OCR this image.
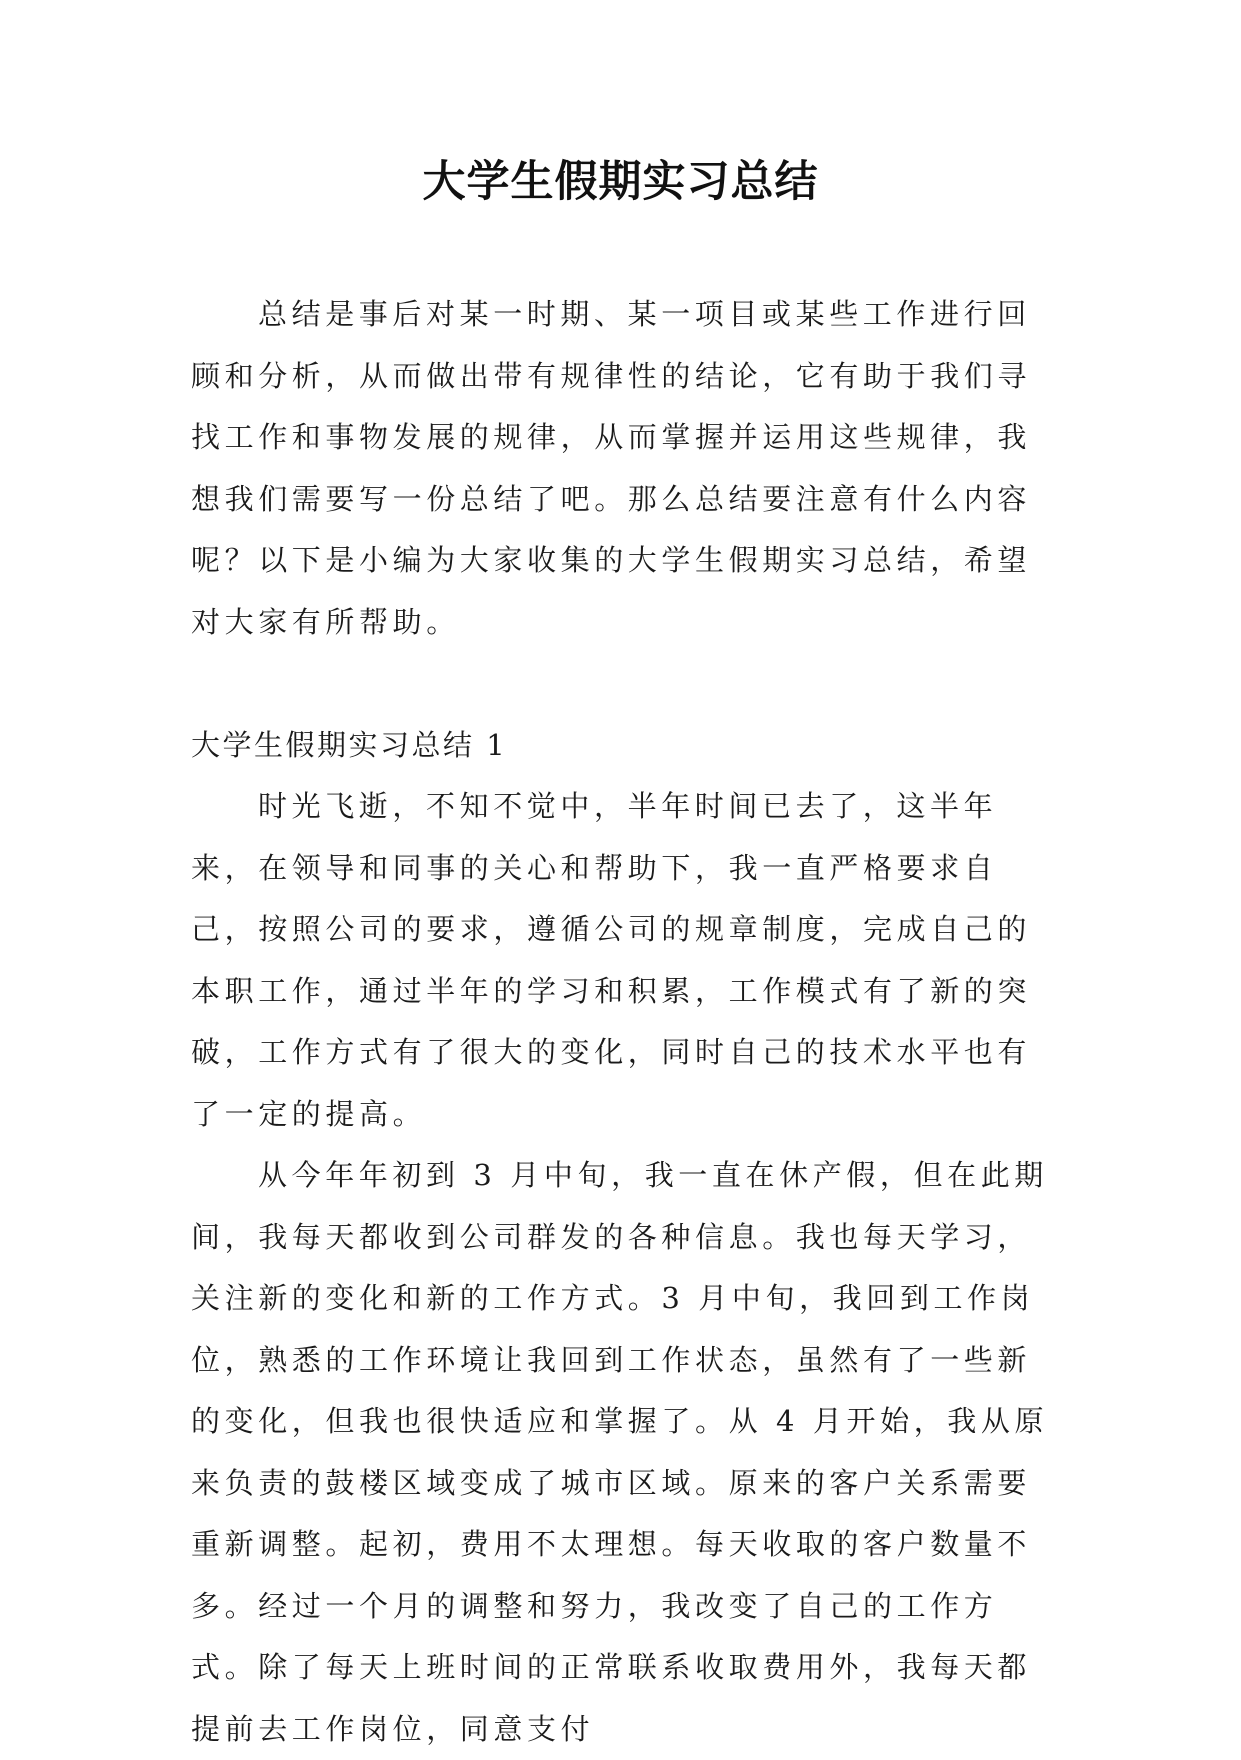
大学生假期实习总结

总结是事后对某一时期、某一项目或某些工作进行回顾和分析，从而做出带有规律性的结论，它有助于我们寻找工作和事物发展的规律，从而掌握并运用这些规律，我想我们需要写一份总结了吧。那么总结要注意有什么内容呢？以下是小编为大家收集的大学生假期实习总结，希望对大家有所帮助。

大学生假期实习总结 1

时光飞逝，不知不觉中，半年时间已去了，这半年来，在领导和同事的关心和帮助下，我一直严格要求自己，按照公司的要求，遵循公司的规章制度，完成自己的本职工作，通过半年的学习和积累，工作模式有了新的突破，工作方式有了很大的变化，同时自己的技术水平也有了一定的提高。

从今年年初到 3 月中旬，我一直在休产假，但在此期间，我每天都收到公司群发的各种信息。我也每天学习，关注新的变化和新的工作方式。3 月中旬，我回到工作岗位，熟悉的工作环境让我回到工作状态，虽然有了一些新的变化，但我也很快适应和掌握了。从 4 月开始，我从原来负责的鼓楼区域变成了城市区域。原来的客户关系需要重新调整。起初，费用不太理想。每天收取的客户数量不多。经过一个月的调整和努力，我改变了自己的工作方式。除了每天上班时间的正常联系收取费用外，我每天都提前去工作岗位，同意支付
